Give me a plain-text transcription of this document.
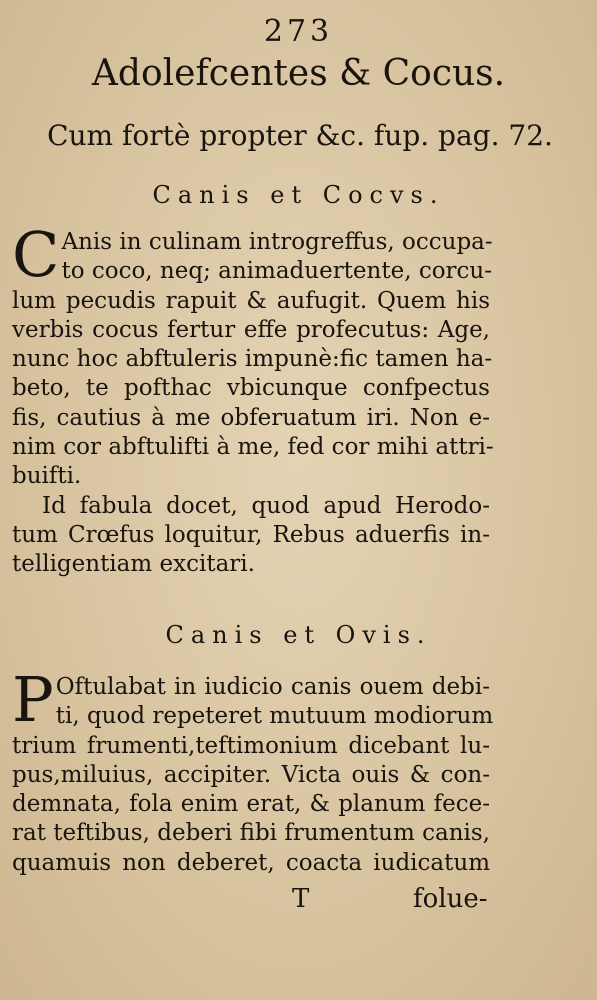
273
Adolefcentes & Cocus.
Cum fortè propter &c. fup. pag. 72.
Canis et Cocvs.
C Anis in culinam introgreffus, occupa-
to coco, neq; animaduertente, corcu-
lum pecudis rapuit & aufugit. Quem his
verbis cocus fertur effe profecutus: Age,
nunc hoc abftuleris impunè:fic tamen ha-
beto, te pofthac vbicunque confpectus
fis, cautius à me obferuatum iri. Non e-
nim cor abftulifti à me, fed cor mihi attri-
buifti.
Id fabula docet, quod apud Herodo-
tum Crœfus loquitur, Rebus aduerfis in-
telligentiam excitari.
Canis et Ovis.
P Oftulabat in iudicio canis ouem debi-
ti, quod repeteret mutuum modiorum
trium frumenti,teftimonium dicebant lu-
pus,miluius, accipiter. Victa ouis & con-
demnata, fola enim erat, & planum fece-
rat teftibus, deberi fibi frumentum canis,
quamuis non deberet, coacta iudicatum
T	folue-
